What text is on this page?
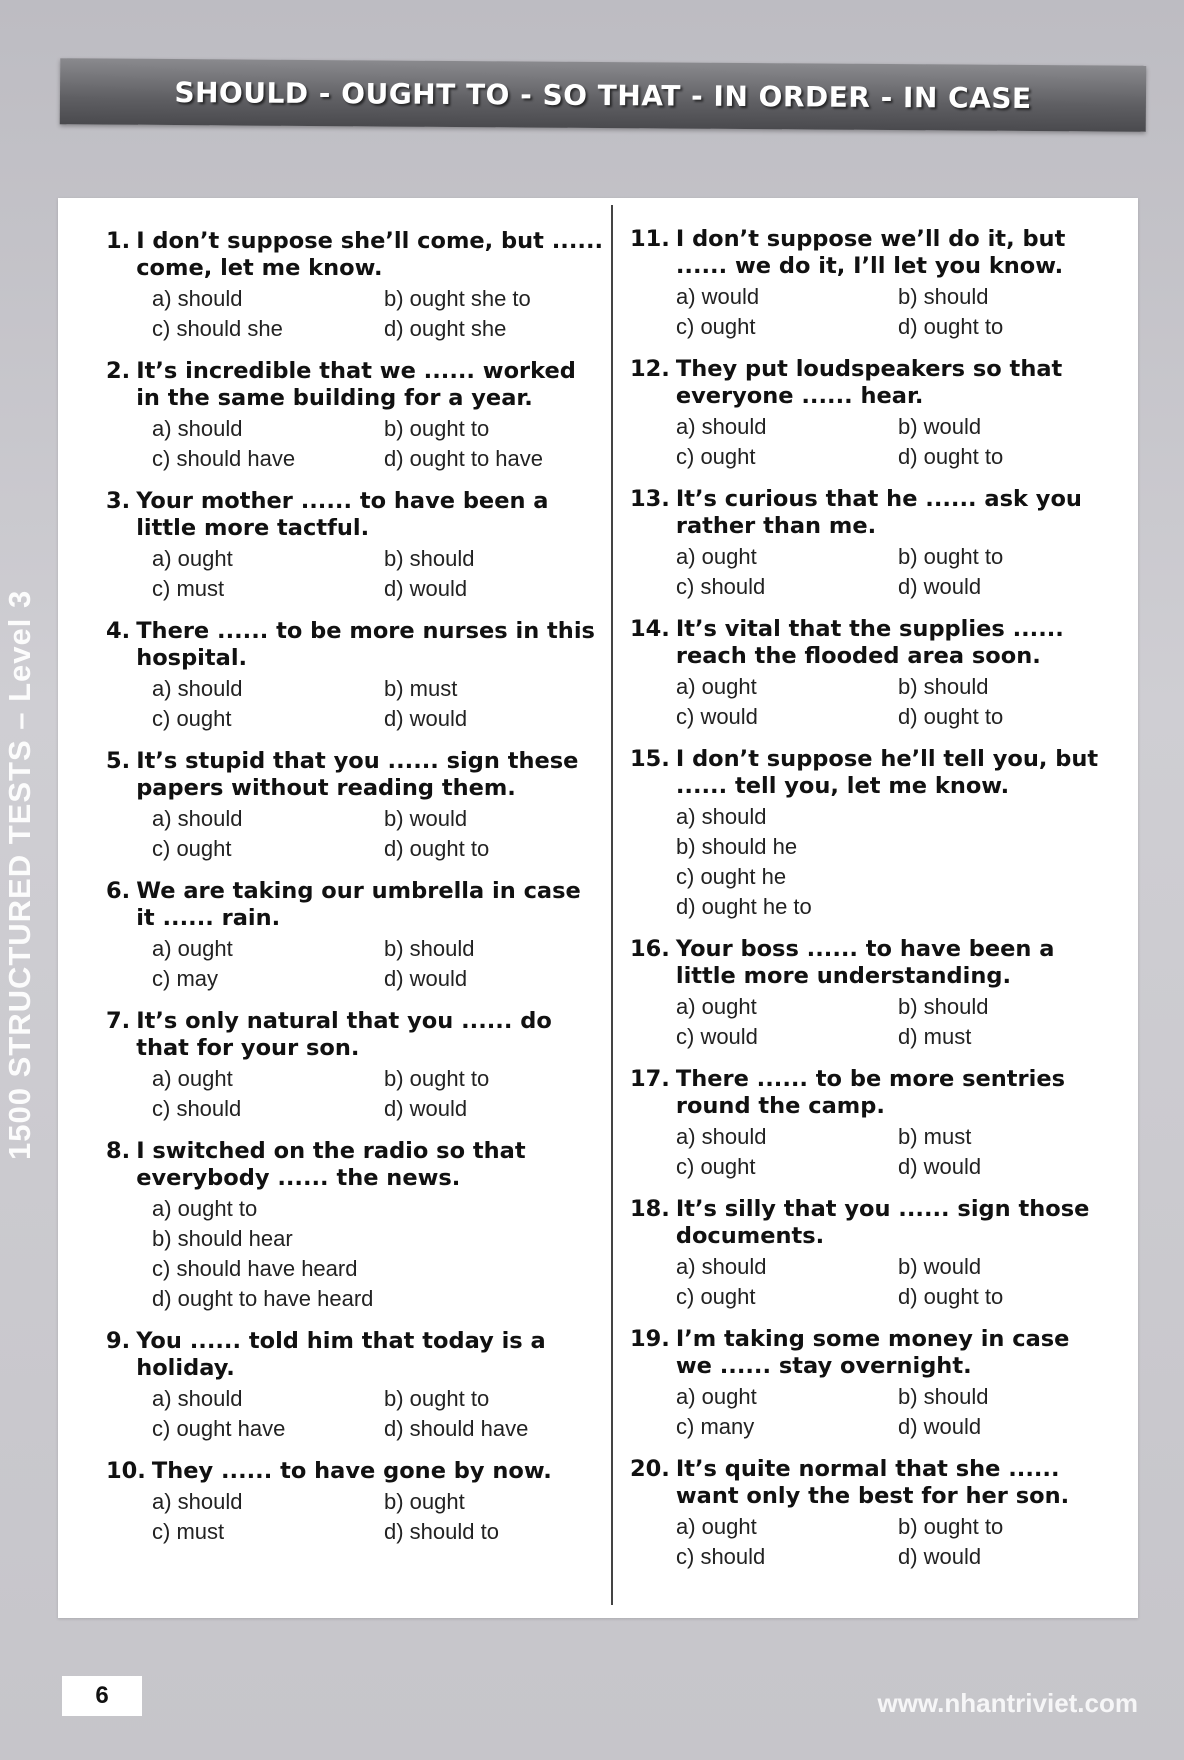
SHOULD - OUGHT TO - SO THAT - IN ORDER - IN CASE
1500 STRUCTURED TESTS – Level 3
1. I don’t suppose she’ll come, but ...... come, let me know.
a) should	b) ought she to
c) should she	d) ought she
2. It’s incredible that we ...... worked in the same building for a year.
a) should	b) ought to
c) should have	d) ought to have
3. Your mother ...... to have been a little more tactful.
a) ought	b) should
c) must	d) would
4. There ...... to be more nurses in this hospital.
a) should	b) must
c) ought	d) would
5. It’s stupid that you ...... sign these papers without reading them.
a) should	b) would
c) ought	d) ought to
6. We are taking our umbrella in case it ...... rain.
a) ought	b) should
c) may	d) would
7. It’s only natural that you ...... do that for your son.
a) ought	b) ought to
c) should	d) would
8. I switched on the radio so that everybody ...... the news.
a) ought to
b) should hear
c) should have heard
d) ought to have heard
9. You ...... told him that today is a holiday.
a) should	b) ought to
c) ought have	d) should have
10. They ...... to have gone by now.
a) should	b) ought
c) must	d) should to
11. I don’t suppose we’ll do it, but ...... we do it, I’ll let you know.
a) would	b) should
c) ought	d) ought to
12. They put loudspeakers so that everyone ...... hear.
a) should	b) would
c) ought	d) ought to
13. It’s curious that he ...... ask you rather than me.
a) ought	b) ought to
c) should	d) would
14. It’s vital that the supplies ...... reach the flooded area soon.
a) ought	b) should
c) would	d) ought to
15. I don’t suppose he’ll tell you, but ...... tell you, let me know.
a) should
b) should he
c) ought he
d) ought he to
16. Your boss ...... to have been a little more understanding.
a) ought	b) should
c) would	d) must
17. There ...... to be more sentries round the camp.
a) should	b) must
c) ought	d) would
18. It’s silly that you ...... sign those documents.
a) should	b) would
c) ought	d) ought to
19. I’m taking some money in case we ...... stay overnight.
a) ought	b) should
c) many	d) would
20. It’s quite normal that she ...... want only the best for her son.
a) ought	b) ought to
c) should	d) would
6	www.nhantriviet.com
